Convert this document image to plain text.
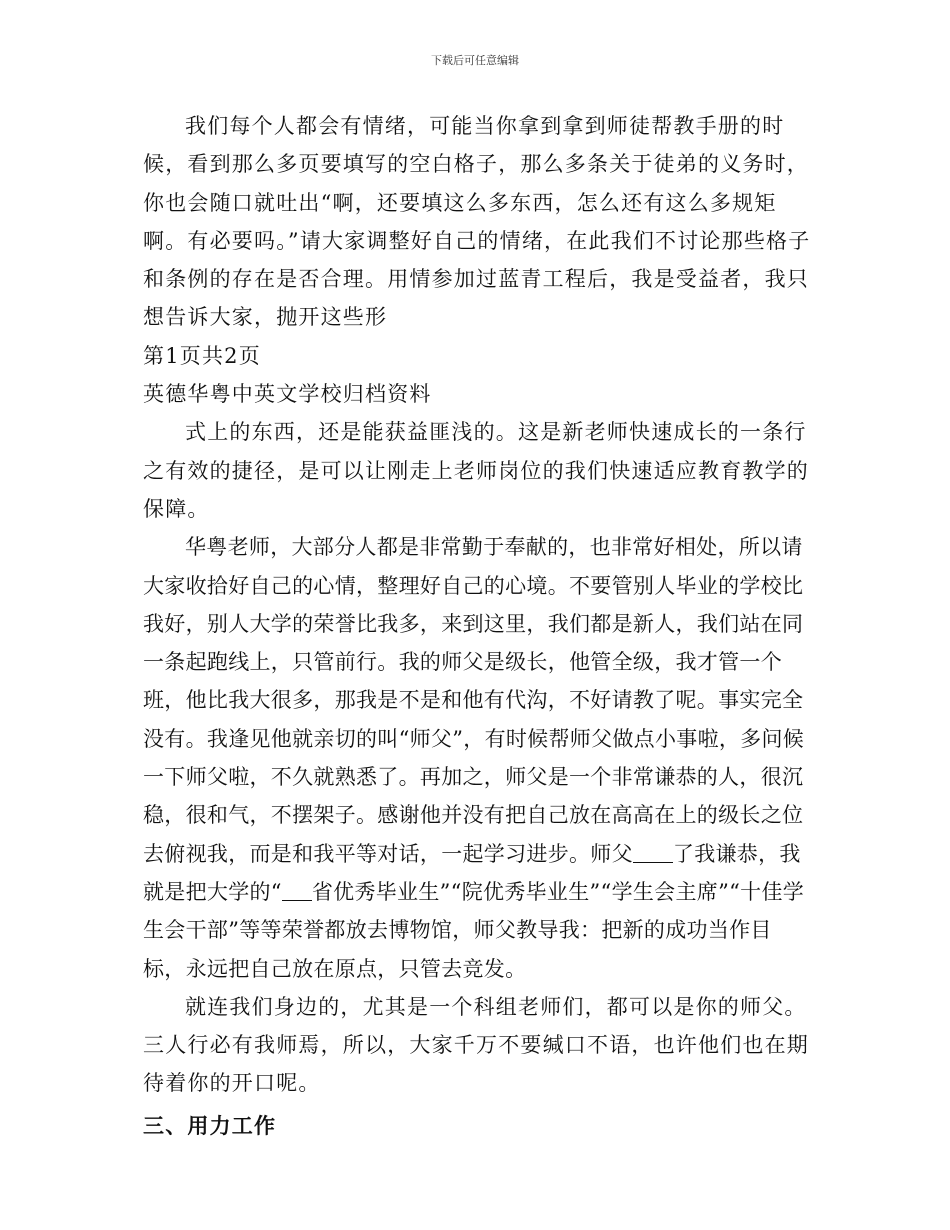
下载后可任意编辑

我们每个人都会有情绪，可能当你拿到拿到师徒帮教手册的时候，看到那么多页要填写的空白格子，那么多条关于徒弟的义务时，你也会随口就吐出“啊，还要填这么多东西，怎么还有这么多规矩啊。有必要吗。”请大家调整好自己的情绪，在此我们不讨论那些格子和条例的存在是否合理。用情参加过蓝青工程后，我是受益者，我只想告诉大家，抛开这些形

第1页共2页

英德华粤中英文学校归档资料

式上的东西，还是能获益匪浅的。这是新老师快速成长的一条行之有效的捷径，是可以让刚走上老师岗位的我们快速适应教育教学的保障。

华粤老师，大部分人都是非常勤于奉献的，也非常好相处，所以请大家收拾好自己的心情，整理好自己的心境。不要管别人毕业的学校比我好，别人大学的荣誉比我多，来到这里，我们都是新人，我们站在同一条起跑线上，只管前行。我的师父是级长，他管全级，我才管一个班，他比我大很多，那我是不是和他有代沟，不好请教了呢。事实完全没有。我逢见他就亲切的叫“师父”，有时候帮师父做点小事啦，多问候一下师父啦，不久就熟悉了。再加之，师父是一个非常谦恭的人，很沉稳，很和气，不摆架子。感谢他并没有把自己放在高高在上的级长之位去俯视我，而是和我平等对话，一起学习进步。师父 了我谦恭，我就是把大学的“ 省优秀毕业生”“院优秀毕业生”“学生会主席”“十佳学生会干部”等等荣誉都放去博物馆，师父教导我：把新的成功当作目标，永远把自己放在原点，只管去竞发。

就连我们身边的，尤其是一个科组老师们，都可以是你的师父。三人行必有我师焉，所以，大家千万不要缄口不语，也许他们也在期待着你的开口呢。

三、用力工作
